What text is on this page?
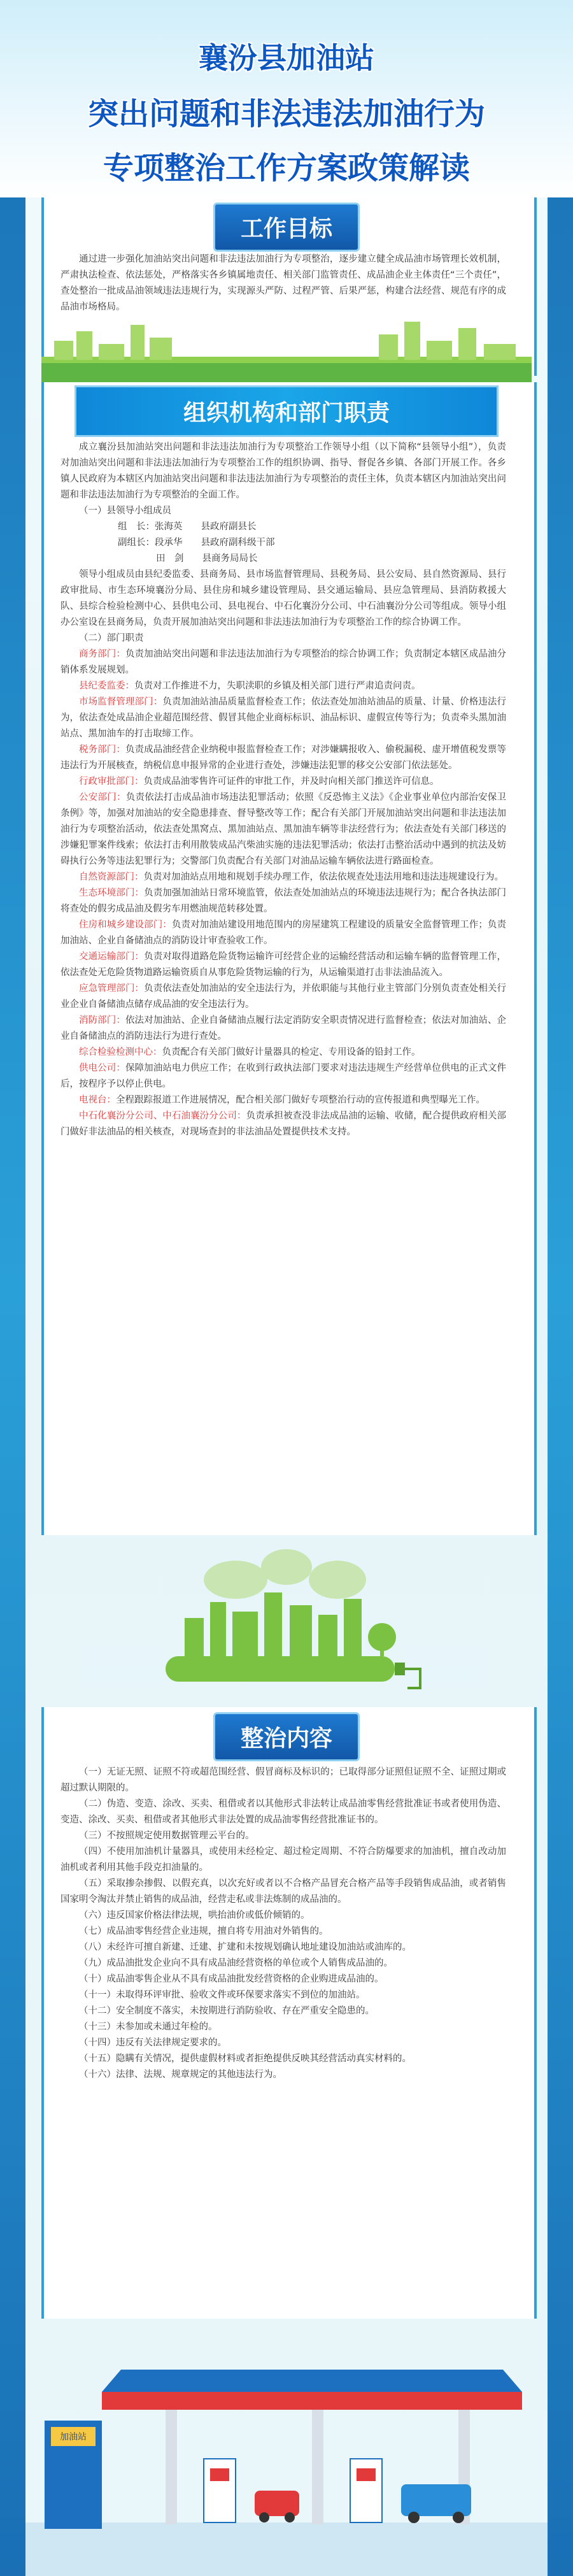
襄汾县加油站
突出问题和非法违法加油行为
专项整治工作方案政策解读
工作目标
通过进一步强化加油站突出问题和非法违法加油行为专项整治，逐步建立健全成品油市场管理长效机制，严肃执法检查、依法惩处，严格落实各乡镇属地责任、相关部门监管责任、成品油企业主体责任“三个责任”，查处整治一批成品油领域违法违规行为，实现源头严防、过程严管、后果严惩，构建合法经营、规范有序的成品油市场格局。
组织机构和部门职责
成立襄汾县加油站突出问题和非法违法加油行为专项整治工作领导小组（以下简称“县领导小组”），负责对加油站突出问题和非法违法加油行为专项整治工作的组织协调、指导、督促各乡镇、各部门开展工作。各乡镇人民政府为本辖区内加油站突出问题和非法违法加油行为专项整治的责任主体，负责本辖区内加油站突出问题和非法违法加油行为专项整治的全面工作。
（一）县领导小组成员
组　长：张海英　　县政府副县长
副组长：段承华　　县政府副科级干部
田　剑　　县商务局局长
领导小组成员由县纪委监委、县商务局、县市场监督管理局、县税务局、县公安局、县自然资源局、县行政审批局、市生态环境襄汾分局、县住房和城乡建设管理局、县交通运输局、县应急管理局、县消防救援大队、县综合检验检测中心、县供电公司、县电视台、中石化襄汾分公司、中石油襄汾分公司等组成。领导小组办公室设在县商务局，负责开展加油站突出问题和非法违法加油行为专项整治工作的综合协调工作。
（二）部门职责
商务部门：负责加油站突出问题和非法违法加油行为专项整治的综合协调工作；负责制定本辖区成品油分销体系发展规划。
县纪委监委：负责对工作推进不力，失职渎职的乡镇及相关部门进行严肃追责问责。
市场监督管理部门：负责加油站油品质量监督检查工作；依法查处加油站油品的质量、计量、价格违法行为，依法查处成品油企业超范围经营、假冒其他企业商标标识、油品标识、虚假宣传等行为；负责牵头黑加油站点、黑加油车的打击取缔工作。
税务部门：负责成品油经营企业纳税申报监督检查工作；对涉嫌瞒报收入、偷税漏税、虚开增值税发票等违法行为开展核查，纳税信息申报异常的企业进行查处，涉嫌违法犯罪的移交公安部门依法惩处。
行政审批部门：负责成品油零售许可证件的审批工作，并及时向相关部门推送许可信息。
公安部门：负责依法打击成品油市场违法犯罪活动；依照《反恐怖主义法》《企业事业单位内部治安保卫条例》等，加强对加油站的安全隐患排查、督导整改等工作；配合有关部门开展加油站突出问题和非法违法加油行为专项整治活动，依法查处黑窝点、黑加油站点、黑加油车辆等非法经营行为；依法查处有关部门移送的涉嫌犯罪案件线索；依法打击利用散装成品汽柴油实施的违法犯罪活动；依法打击整治活动中遇到的抗法及妨碍执行公务等违法犯罪行为；交警部门负责配合有关部门对油品运输车辆依法进行路面检查。
自然资源部门：负责对加油站点用地和规划手续办理工作，依法依规查处违法用地和违法违规建设行为。
生态环境部门：负责加强加油站日常环境监管，依法查处加油站点的环境违法违规行为；配合各执法部门将查处的假劣成品油及假劣车用燃油规范转移处置。
住房和城乡建设部门：负责对加油站建设用地范围内的房屋建筑工程建设的质量安全监督管理工作；负责加油站、企业自备储油点的消防设计审查验收工作。
交通运输部门：负责对取得道路危险货物运输许可经营企业的运输经营活动和运输车辆的监督管理工作，依法查处无危险货物道路运输资质自从事危险货物运输的行为，从运输渠道打击非法油品流入。
应急管理部门：负责依法查处加油站的安全违法行为，并依职能与其他行业主管部门分别负责查处相关行业企业自备储油点储存成品油的安全违法行为。
消防部门：依法对加油站、企业自备储油点履行法定消防安全职责情况进行监督检查；依法对加油站、企业自备储油点的消防违法行为进行查处。
综合检验检测中心：负责配合有关部门做好计量器具的检定、专用设备的铅封工作。
供电公司：保障加油站电力供应工作；在收到行政执法部门要求对违法违规生产经营单位供电的正式文件后，按程序予以停止供电。
电视台：全程跟踪报道工作进展情况，配合相关部门做好专项整治行动的宣传报道和典型曝光工作。
中石化襄汾分公司、中石油襄汾分公司：负责承担被查没非法成品油的运输、收储，配合提供政府相关部门做好非法油品的相关核查，对现场查封的非法油品处置提供技术支持。
整治内容
（一）无证无照、证照不符或超范围经营、假冒商标及标识的；已取得部分证照但证照不全、证照过期或超过默认期限的。
（二）伪造、变造、涂改、买卖、租借或者以其他形式非法转让成品油零售经营批准证书或者使用伪造、变造、涂改、买卖、租借或者其他形式非法处置的成品油零售经营批准证书的。
（三）不按照规定使用数据管理云平台的。
（四）不使用加油机计量器具，或使用未经检定、超过检定周期、不符合防爆要求的加油机，擅自改动加油机或者利用其他手段克扣油量的。
（五）采取掺杂掺假、以假充真，以次充好或者以不合格产品冒充合格产品等手段销售成品油，或者销售国家明令淘汰并禁止销售的成品油，经营走私或非法炼制的成品油的。
（六）违反国家价格法律法规，哄抬油价或低价倾销的。
（七）成品油零售经营企业违规，擅自将专用油对外销售的。
（八）未经许可擅自新建、迁建、扩建和未按规划确认地址建设加油站或油库的。
（九）成品油批发企业向不具有成品油经营资格的单位或个人销售成品油的。
（十）成品油零售企业从不具有成品油批发经营资格的企业购进成品油的。
（十一）未取得环评审批、验收文件或环保要求落实不到位的加油站。
（十二）安全制度不落实，未按期进行消防验收、存在严重安全隐患的。
（十三）未参加或未通过年检的。
（十四）违反有关法律规定要求的。
（十五）隐瞒有关情况，提供虚假材料或者拒绝提供反映其经营活动真实材料的。
（十六）法律、法规、规章规定的其他违法行为。
加油站
